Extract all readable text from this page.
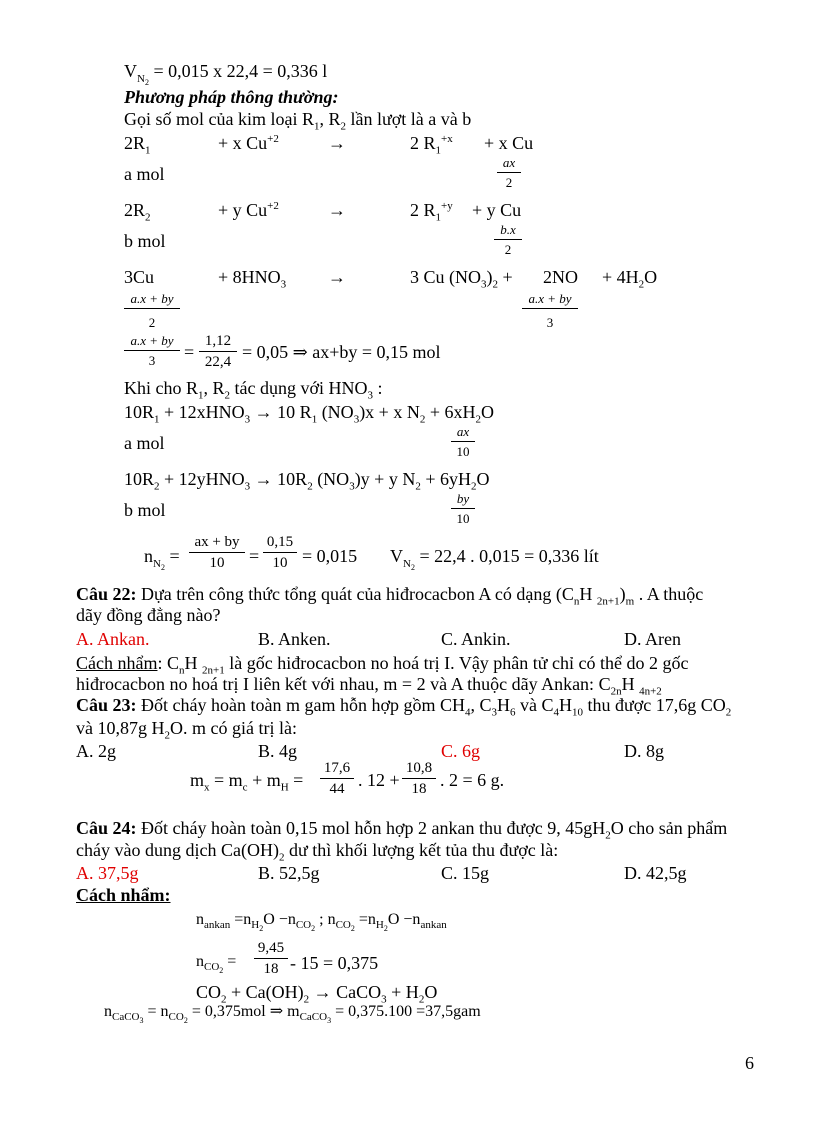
$V_{N_2} = 0,015$ x 22,4 = 0,336 l
Phương pháp thông thường:
Gọi số mol của kim loại $R_1$, $R_2$ lần lượt là a và b
$2R_1$	+ x $Cu^{+2}$	→	2 $R_1^{+x} + x$ Cu
a mol	$\frac{ax}{2}$
$2R_2$	+ y $Cu^{+2}$	→	2 $R_1^{+y} + y$ Cu
b mol	$\frac{b.x}{2}$
3Cu	+ $8HNO_3$ →	3 Cu $(NO_3)_2 + 2NO + 4H_2O$
$\frac{a.x + by}{2}$	$\frac{a.x + by}{3}$
$\frac{a.x + by}{3} = \frac{1,12}{22,4} = 0,05$ ⇒ ax+by = 0,15 mol
Khi cho $R_1$, $R_2$ tác dụng với $HNO_3$ :
$10R_1$ + 12xHNO$_3$ → 10 $R_1$ $(NO_3)x + x$ $N_2 + 6xH_2O$
a mol	$\frac{ax}{10}$
$10R_2$ + 12yHNO$_3$ → $10R_2$ $(NO_3)y + y$ $N_2 + 6yH_2O$
b mol	$\frac{by}{10}$
$n_{N_2} = \frac{ax + by}{10} = \frac{0,15}{10} = 0,015$ $V_{N_2} = 22,4$ . 0,015 = 0,336 lít
Câu 22: Dựa trên công thức tổng quát của hiđrocacbon A có dạng ($C_nH$ $_{2n+1})_m$ . A thuộc
dãy đồng đẳng nào?
A. Ankan.	B. Anken.	C. Ankin.	D. Aren
Cách nhẩm: $C_nH$ $_{2n+1}$ là gốc hiđrocacbon no hoá trị I. Vậy phân tử chỉ có thể do 2 gốc
hiđrocacbon no hoá trị I liên kết với nhau, m = 2 và A thuộc dãy Ankan: $C_{2n}H$ $_{4n+2}$
Câu 23: Đốt cháy hoàn toàn m gam hỗn hợp gồm $CH_4$, $C_3H_6$ và $C_4H_{10}$ thu được 17,6g $CO_2$
và 10,87g $H_2O$. m có giá trị là:
A. 2g	B. 4g	C. 6g	D. 8g
$m_x = m_c + m_H = \frac{17,6}{44}$ . $12 + \frac{10,8}{18}$ . 2 = 6 g.
Câu 24: Đốt cháy hoàn toàn 0,15 mol hỗn hợp 2 ankan thu được 9, $45gH_2O$ cho sản phẩm
cháy vào dung dịch $Ca(OH)_2$ dư thì khối lượng kết tủa thu được là:
A. 37,5g	B. 52,5g	C. 15g	D. 42,5g
Cách nhẩm:
$n_{ankan} =n_{H_2}O -n_{CO_2}$ ; $n_{CO_2} =n_{H_2}O -n_{ankan}$
$n_{CO_2} = \frac{9,45}{18} - 15 = 0,375$
$CO_2 + Ca(OH)_2$ → CaCO$_3$ + $H_2O$
$n_{CaCO_3} = n_{CO_2} = 0,375mol$ ⇒ $m_{CaCO_3} = 0,375.100 =37,5gam$
6
